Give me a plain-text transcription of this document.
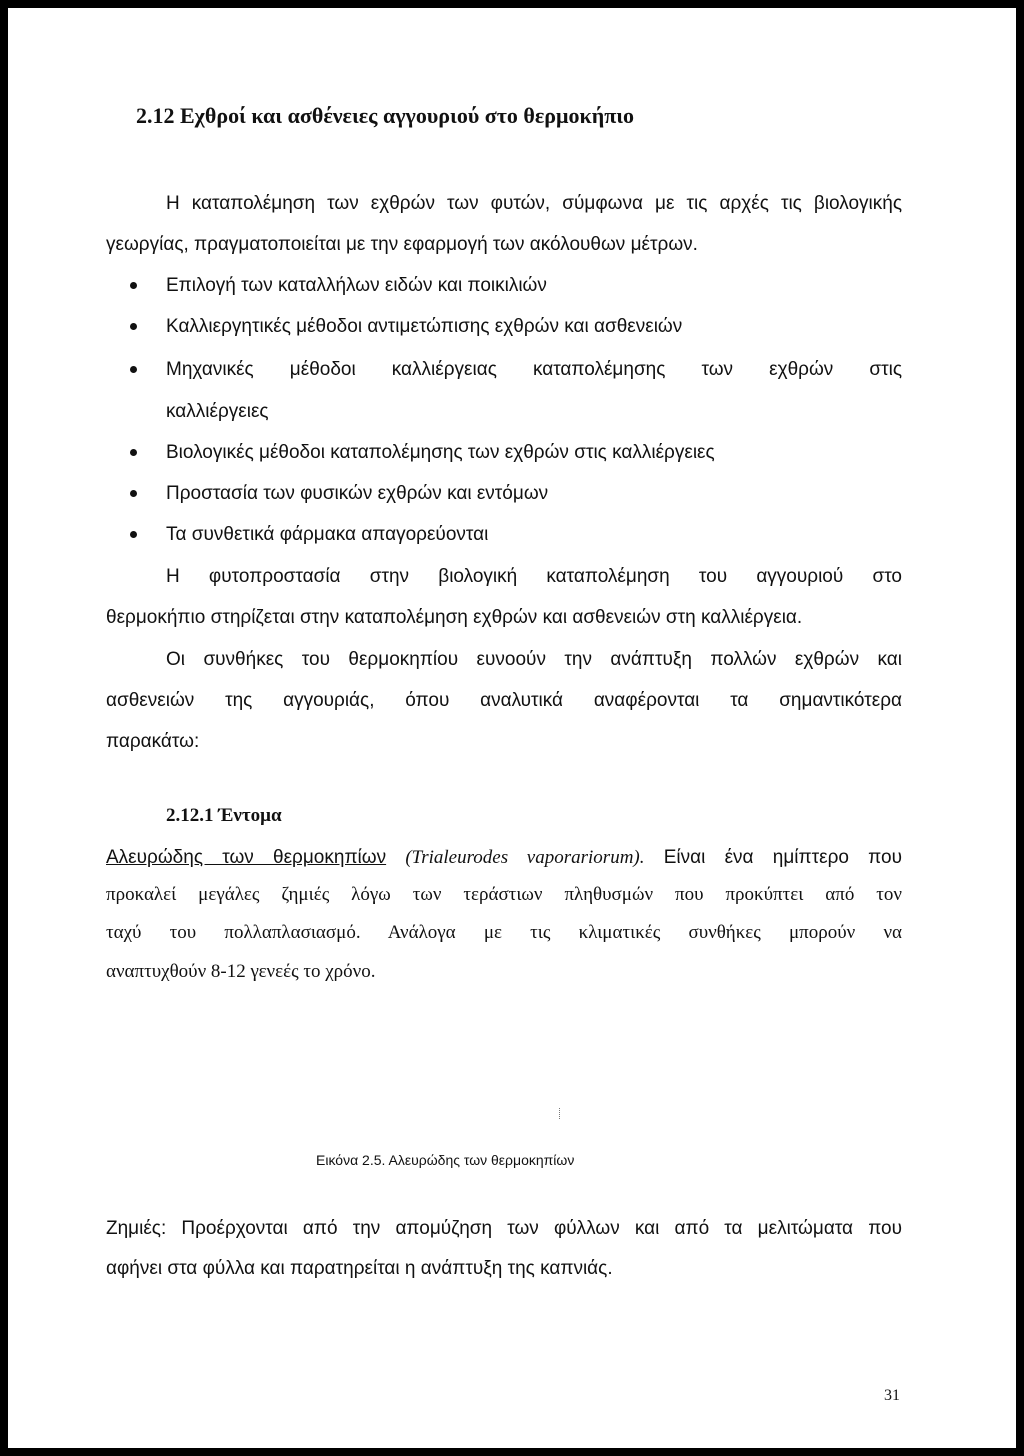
2.12 Εχθροί και ασθένειες αγγουριού στο θερμοκήπιο
Η καταπολέμηση των εχθρών των φυτών, σύμφωνα με τις αρχές τις βιολογικής
γεωργίας, πραγματοποιείται με την εφαρμογή των ακόλουθων μέτρων.
Επιλογή των καταλλήλων ειδών και ποικιλιών
Καλλιεργητικές μέθοδοι αντιμετώπισης εχθρών και ασθενειών
Μηχανικές μέθοδοι καλλιέργειας καταπολέμησης των εχθρών στις
καλλιέργειες
Βιολογικές μέθοδοι καταπολέμησης των εχθρών στις καλλιέργειες
Προστασία των φυσικών εχθρών και εντόμων
Τα συνθετικά φάρμακα απαγορεύονται
Η φυτοπροστασία στην βιολογική καταπολέμηση του αγγουριού στο
θερμοκήπιο στηρίζεται στην καταπολέμηση εχθρών και ασθενειών στη καλλιέργεια.
Οι συνθήκες του θερμοκηπίου ευνοούν την ανάπτυξη πολλών εχθρών και
ασθενειών της αγγουριάς, όπου αναλυτικά αναφέρονται τα σημαντικότερα
παρακάτω:
2.12.1 Έντομα
Αλευρώδης των θερμοκηπίων (Trialeurodes vaporariorum). Είναι ένα ημίπτερο που
προκαλεί μεγάλες ζημιές λόγω των τεράστιων πληθυσμών που προκύπτει από τον
ταχύ του πολλαπλασιασμό. Ανάλογα με τις κλιματικές συνθήκες μπορούν να
αναπτυχθούν 8-12 γενεές το χρόνο.
Εικόνα 2.5. Αλευρώδης των θερμοκηπίων
Ζημιές: Προέρχονται από την απομύζηση των φύλλων και από τα μελιτώματα που
αφήνει στα φύλλα και παρατηρείται η ανάπτυξη της καπνιάς.
31
